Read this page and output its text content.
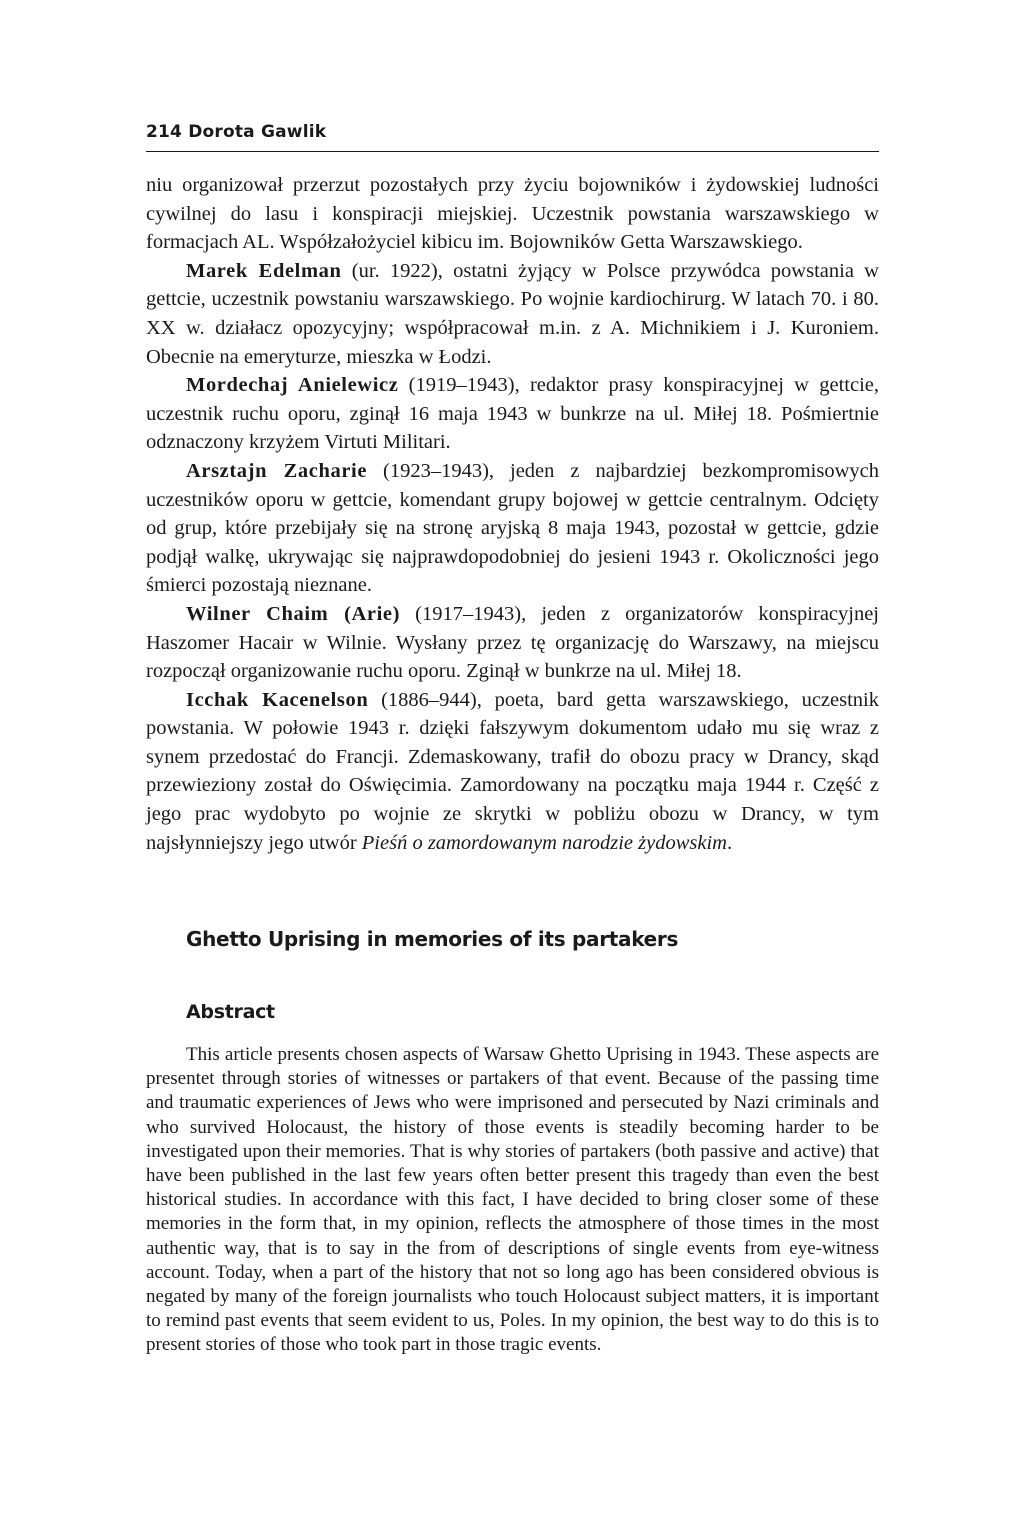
214 Dorota Gawlik

niu organizował przerzut pozostałych przy życiu bojowników i żydowskiej ludności cywilnej do lasu i konspiracji miejskiej. Uczestnik powstania warszawskiego w formacjach AL. Współzałożyciel kibicu im. Bojowników Getta Warszawskiego.

Marek Edelman (ur. 1922), ostatni żyjący w Polsce przywódca powstania w gettcie, uczestnik powstaniu warszawskiego. Po wojnie kardiochirurg. W latach 70. i 80. XX w. działacz opozycyjny; współpracował m.in. z A. Michnikiem i J. Kuroniem. Obecnie na emeryturze, mieszka w Łodzi.

Mordechaj Anielewicz (1919–1943), redaktor prasy konspiracyjnej w gettcie, uczestnik ruchu oporu, zginął 16 maja 1943 w bunkrze na ul. Miłej 18. Pośmiertnie odznaczony krzyżem Virtuti Militari.

Arsztajn Zacharie (1923–1943), jeden z najbardziej bezkompromisowych uczestników oporu w gettcie, komendant grupy bojowej w gettcie centralnym. Odcięty od grup, które przebijały się na stronę aryjską 8 maja 1943, pozostał w gettcie, gdzie podjął walkę, ukrywając się najprawdopodobniej do jesieni 1943 r. Okoliczności jego śmierci pozostają nieznane.

Wilner Chaim (Arie) (1917–1943), jeden z organizatorów konspiracyjnej Haszomer Hacair w Wilnie. Wysłany przez tę organizację do Warszawy, na miejscu rozpoczął organizowanie ruchu oporu. Zginął w bunkrze na ul. Miłej 18.

Icchak Kacenelson (1886–944), poeta, bard getta warszawskiego, uczestnik powstania. W połowie 1943 r. dzięki fałszywym dokumentom udało mu się wraz z synem przedostać do Francji. Zdemaskowany, trafił do obozu pracy w Drancy, skąd przewieziony został do Oświęcimia. Zamordowany na początku maja 1944 r. Część z jego prac wydobyto po wojnie ze skrytki w pobliżu obozu w Drancy, w tym najsłynniejszy jego utwór Pieśń o zamordowanym narodzie żydowskim.

Ghetto Uprising in memories of its partakers
Abstract

This article presents chosen aspects of Warsaw Ghetto Uprising in 1943. These aspects are presentet through stories of witnesses or partakers of that event. Because of the passing time and traumatic experiences of Jews who were imprisoned and persecuted by Nazi criminals and who survived Holocaust, the history of those events is steadily becoming harder to be investigated upon their memories. That is why stories of partakers (both passive and active) that have been published in the last few years often better present this tragedy than even the best historical studies. In accordance with this fact, I have decided to bring closer some of these memories in the form that, in my opinion, reflects the atmosphere of those times in the most authentic way, that is to say in the from of descriptions of single events from eye-witness account. Today, when a part of the history that not so long ago has been considered obvious is negated by many of the foreign journalists who touch Holocaust subject matters, it is important to remind past events that seem evident to us, Poles. In my opinion, the best way to do this is to present stories of those who took part in those tragic events.
